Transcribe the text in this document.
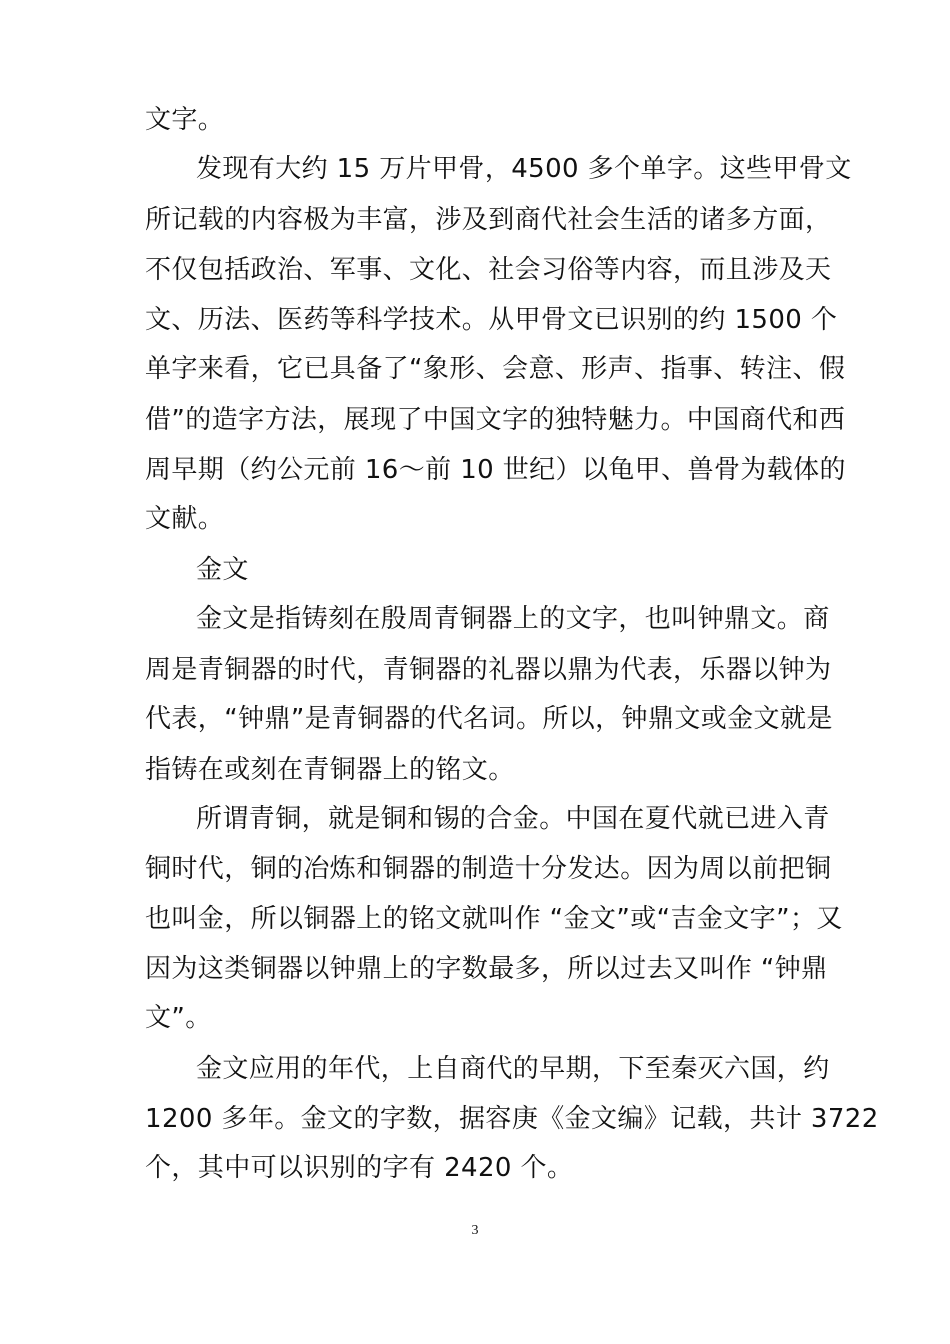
文字。
发现有大约 15 万片甲骨，4500 多个单字。这些甲骨文
所记载的内容极为丰富，涉及到商代社会生活的诸多方面，
不仅包括政治、军事、文化、社会习俗等内容，而且涉及天
文、历法、医药等科学技术。从甲骨文已识别的约 1500 个
单字来看，它已具备了“象形、会意、形声、指事、转注、假
借”的造字方法，展现了中国文字的独特魅力。中国商代和西
周早期（约公元前 16～前 10 世纪）以龟甲、兽骨为载体的
文献。
金文
金文是指铸刻在殷周青铜器上的文字，也叫钟鼎文。商
周是青铜器的时代，青铜器的礼器以鼎为代表，乐器以钟为
代表，“钟鼎”是青铜器的代名词。所以，钟鼎文或金文就是
指铸在或刻在青铜器上的铭文。
所谓青铜，就是铜和锡的合金。中国在夏代就已进入青
铜时代，铜的冶炼和铜器的制造十分发达。因为周以前把铜
也叫金，所以铜器上的铭文就叫作 “金文”或“吉金文字”；又
因为这类铜器以钟鼎上的字数最多，所以过去又叫作 “钟鼎
文”。
金文应用的年代，上自商代的早期，下至秦灭六国，约
1200 多年。金文的字数，据容庚《金文编》记载，共计 3722
个，其中可以识别的字有 2420 个。
3
